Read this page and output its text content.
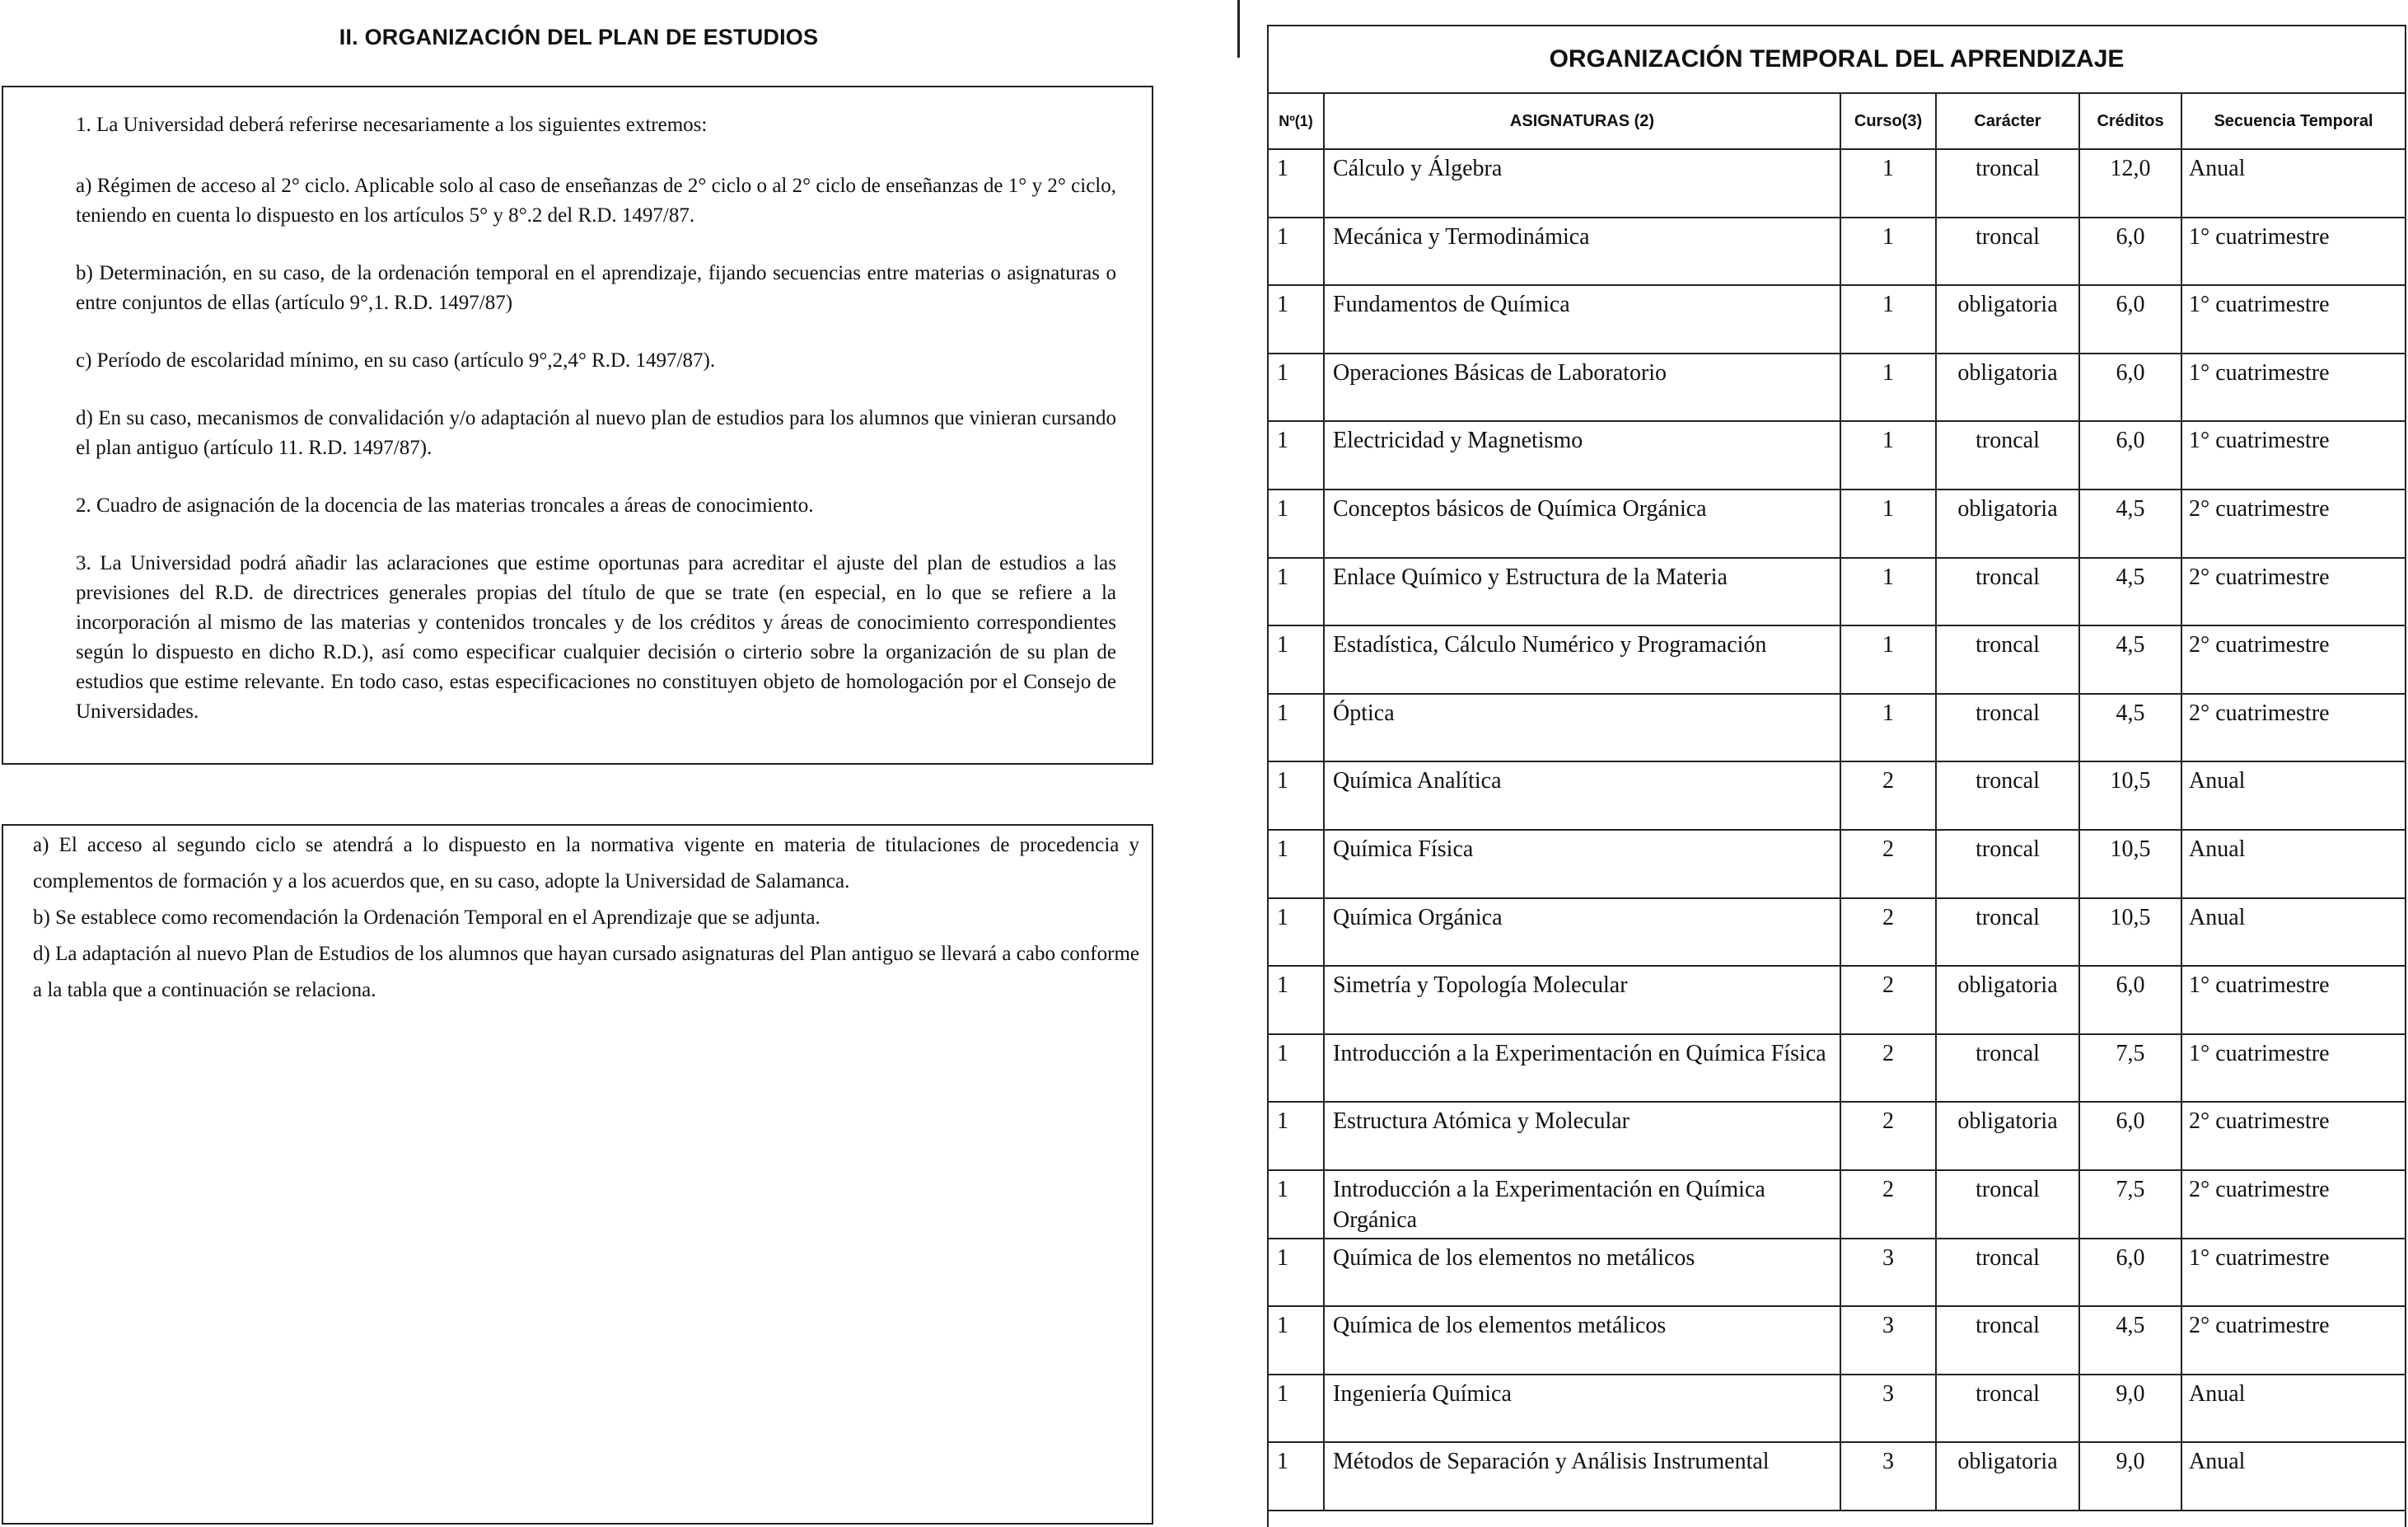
II. ORGANIZACIÓN DEL PLAN DE ESTUDIOS

1. La Universidad deberá referirse necesariamente a los siguientes extremos:

a) Régimen de acceso al 2° ciclo. Aplicable solo al caso de enseñanzas de 2° ciclo o al 2° ciclo de enseñanzas de 1° y 2° ciclo, teniendo en cuenta lo dispuesto en los artículos 5° y 8°.2 del R.D. 1497/87.

b) Determinación, en su caso, de la ordenación temporal en el aprendizaje, fijando secuencias entre materias o asignaturas o entre conjuntos de ellas (artículo 9°,1. R.D. 1497/87)

c) Período de escolaridad mínimo, en su caso (artículo 9°,2,4° R.D. 1497/87).

d) En su caso, mecanismos de convalidación y/o adaptación al nuevo plan de estudios para los alumnos que vinieran cursando el plan antiguo (artículo 11. R.D. 1497/87).

2. Cuadro de asignación de la docencia de las materias troncales a áreas de conocimiento.

3. La Universidad podrá añadir las aclaraciones que estime oportunas para acreditar el ajuste del plan de estudios a las previsiones del R.D. de directrices generales propias del título de que se trate (en especial, en lo que se refiere a la incorporación al mismo de las materias y contenidos troncales y de los créditos y áreas de conocimiento correspondientes según lo dispuesto en dicho R.D.), así como especificar cualquier decisión o cirterio sobre la organización de su plan de estudios que estime relevante. En todo caso, estas especificaciones no constituyen objeto de homologación por el Consejo de Universidades.

a) El acceso al segundo ciclo se atendrá a lo dispuesto en la normativa vigente en materia de titulaciones de procedencia y complementos de formación y a los acuerdos que, en su caso, adopte la Universidad de Salamanca.

b) Se establece como recomendación la Ordenación Temporal en el Aprendizaje que se adjunta.

d) La adaptación al nuevo Plan de Estudios de los alumnos que hayan cursado asignaturas del Plan antiguo se llevará a cabo conforme a la tabla que a continuación se relaciona.

ORGANIZACIÓN TEMPORAL DEL APRENDIZAJE
Nº(1)	ASIGNATURAS (2)	Curso(3)	Carácter	Créditos	Secuencia Temporal
1	Cálculo y Álgebra	1	troncal	12,0	Anual
1	Mecánica y Termodinámica	1	troncal	6,0	1° cuatrimestre
1	Fundamentos de Química	1	obligatoria	6,0	1° cuatrimestre
1	Operaciones Básicas de Laboratorio	1	obligatoria	6,0	1° cuatrimestre
1	Electricidad y Magnetismo	1	troncal	6,0	1° cuatrimestre
1	Conceptos básicos de Química Orgánica	1	obligatoria	4,5	2° cuatrimestre
1	Enlace Químico y Estructura de la Materia	1	troncal	4,5	2° cuatrimestre
1	Estadística, Cálculo Numérico y Programación	1	troncal	4,5	2° cuatrimestre
1	Óptica	1	troncal	4,5	2° cuatrimestre
1	Química Analítica	2	troncal	10,5	Anual
1	Química Física	2	troncal	10,5	Anual
1	Química Orgánica	2	troncal	10,5	Anual
1	Simetría y Topología Molecular	2	obligatoria	6,0	1° cuatrimestre
1	Introducción a la Experimentación en Química Física	2	troncal	7,5	1° cuatrimestre
1	Estructura Atómica y Molecular	2	obligatoria	6,0	2° cuatrimestre
1	Introducción a la Experimentación en Química Orgánica	2	troncal	7,5	2° cuatrimestre
1	Química de los elementos no metálicos	3	troncal	6,0	1° cuatrimestre
1	Química de los elementos metálicos	3	troncal	4,5	2° cuatrimestre
1	Ingeniería Química	3	troncal	9,0	Anual
1	Métodos de Separación y Análisis Instrumental	3	obligatoria	9,0	Anual
